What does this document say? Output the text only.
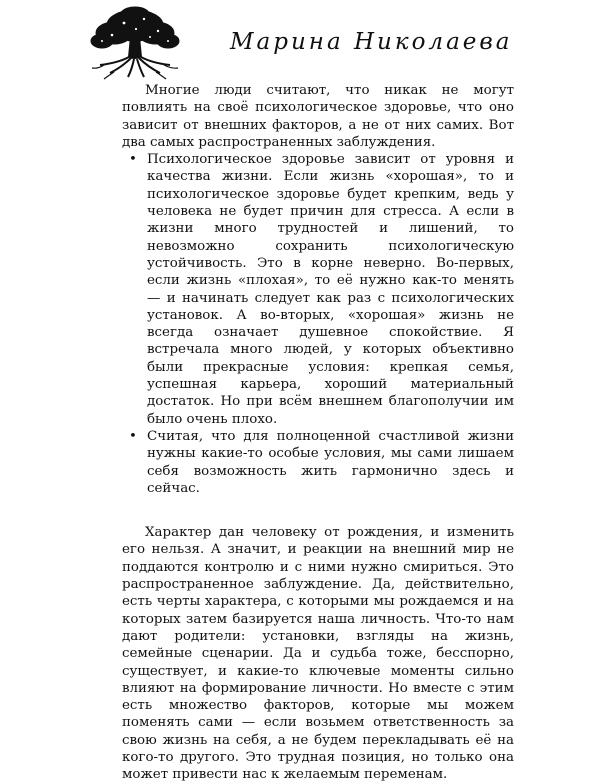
Марина Николаева

Многие люди считают, что никак не могут повлиять на своё психологическое здоровье, что оно зависит от внешних факторов, а не от них самих. Вот два самых распространенных заблуждения.

• Психологическое здоровье зависит от уровня и качества жизни. Если жизнь «хорошая», то и психологическое здоровье будет крепким, ведь у человека не будет причин для стресса. А если в жизни много трудностей и лишений, то невозможно сохранить психологическую устойчивость. Это в корне неверно. Во-первых, если жизнь «плохая», то её нужно как-то менять — и начинать следует как раз с психологических установок. А во-вторых, «хорошая» жизнь не всегда означает душевное спокойствие. Я встречала много людей, у которых объективно были прекрасные условия: крепкая семья, успешная карьера, хороший материальный достаток. Но при всём внешнем благополучии им было очень плохо.
• Считая, что для полноценной счастливой жизни нужны какие-то особые условия, мы сами лишаем себя возможность жить гармонично здесь и сейчас.

Характер дан человеку от рождения, и изменить его нельзя. А значит, и реакции на внешний мир не поддаются контролю и с ними нужно смириться. Это распространенное заблуждение. Да, действительно, есть черты характера, с которыми мы рождаемся и на которых затем базируется наша личность. Что-то нам дают родители: установки, взгляды на жизнь, семейные сценарии. Да и судьба тоже, бесспорно, существует, и какие-то ключевые моменты сильно влияют на формирование личности. Но вместе с этим есть множество факторов, которые мы можем поменять сами — если возьмем ответственность за свою жизнь на себя, а не будем перекладывать её на кого-то другого. Это трудная позиция, но только она может привести нас к желаемым переменам.
